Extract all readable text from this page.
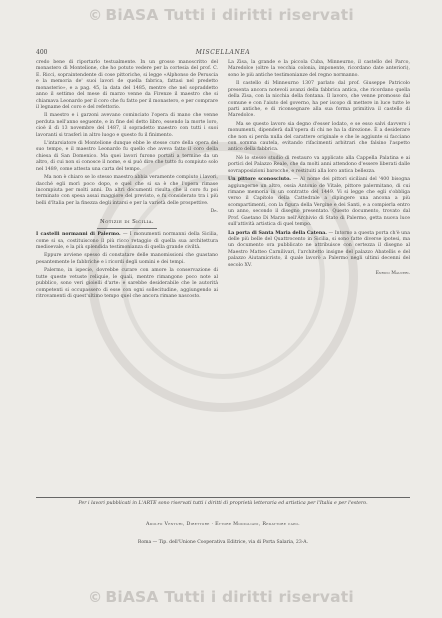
© BiASA Tutti i diritti riservati
400	MISCELLANEA

credo bene di riportarlo testualmente. In un grosso manoscritto del monastero di Montelione, che ho potuto vedere per la cortesia del prof. C. E. Ricci, sopraintendente di cose pittoriche, si legge «Alphonso de Peruscia e la memoria de' suoi lavori de quella fabrica, fattasi nel predetto monasterio», e a pag. 45, la data del 1485, mentre che nel sopraddetto anno il settimo del mese di marzo venne da Firenze il maestro che si chiamava Leonardo per il coro che fu fatto per il monastero, e per comprare il legname del coro e del refettorio.

Il maestro e i garzoni avevano cominciato l'opera di mano che venne perduta nell'anno seguente, e in fine del detto libro, essendo la morte loro, cioè il dì 13 novembre del 1487, il sopradetto maestro con tutti i suoi lavoranti si trasferì in altro luogo e questo fu il finimento.

L'intarsiatore di Montelione dunque ebbe le stesse cure della opera del suo tempo, e il maestro Leonardo fu quello che aveva fatto il coro della chiesa di San Domenico. Ma quei lavori furono portati a termine da un altro, di cui non si conosce il nome, e si può dire che tutto fu compiuto solo nel 1489, come attesta una carta del tempo.

Ma non è chiaro se lo stesso maestro abbia veramente compiuto i lavori, dacché egli morì poco dopo, e quel che si sa è che l'opera rimase incompiuta per molti anni. Da altri documenti risulta che il coro fu poi terminato con spesa assai maggiore del previsto, e fu considerato tra i più belli d'Italia per la finezza degli intarsi e per la varietà delle prospettive.

Dr.
Notizie di Sicilia.

I castelli normanni di Palermo. — I monumenti normanni della Sicilia, come si sa, costituiscono il più ricco retaggio di quella sua architettura medioevale, e la più splendida testimonianza di quella grande civiltà.

Eppure avviene spesso di constatare delle manomissioni che guastano pesantemente le fabbriche e i ricordi degli uomini e dei tempi.

Palermo, in ispecie, dovrebbe curare con amore la conservazione di tutte queste vetuste reliquie, le quali, mentre rimangono poco note al pubblico, sono veri gioielli d'arte: e sarebbe desiderabile che le autorità competenti si occupassero di esse con ogni sollecitudine, aggiungendo ai ritrovamenti di quest'ultimo tempo quel che ancora rimane nascosto.

La Zisa, la grande e la piccola Cuba, Minneurno, il castello del Parco, Maredolce (oltre la vecchia colonia, imponente, ricordano date anteriori), sono le più antiche testimonianze del regno normanno.

Il castello di Minneurno 1307 parlato dal prof. Giuseppe Patricolo presenta ancora notevoli avanzi della fabbrica antica, che ricordano quella della Zisa, con la nicchia della fontana. Il lavoro, che venne promosso dal comune e con l'aiuto del governo, ha per iscopo di mettere in luce tutte le parti antiche, e di riconsegnare alla sua forma primitiva il castello di Maredolce.

Ma se questo lavoro sia degno d'esser lodato, e se esso salvi davvero i monumenti, dipenderà dall'opera di chi ne ha la direzione. È a desiderare che non si perda nulla del carattere originale e che le aggiunte si facciano con somma cautela, evitando rifacimenti arbitrari che falsino l'aspetto antico della fabbrica.

Né lo stesso studio di restauro va applicato alla Cappella Palatina e ai portici del Palazzo Reale, che da molti anni attendono d'essere liberati dalle sovrapposizioni barocche, e restituiti alla loro antica bellezza.

Un pittore sconosciuto. — Al nome dei pittori siciliani del '400 bisogna aggiungerne un altro, ossia Antonio de Vitale, pittore palermitano, di cui rimane memoria in un contratto del 1449. Vi si legge che egli s'obbliga verso il Capitolo della Cattedrale a dipingere una ancona a più scompartimenti, con la figura della Vergine e dei Santi, e a compierla entro un anno, secondo il disegno presentato. Questo documento, trovato dal Prof. Gaetano Di Marzo nell'Archivio di Stato di Palermo, getta nuova luce sull'attività artistica di quel tempo.

La porta di Santa Maria della Catena. — Intorno a questa porta ch'è una delle più belle del Quattrocento in Sicilia, si sono fatte diverse ipotesi, ma un documento ora pubblicato ne attribuisce con certezza il disegno al Maestro Matteo Carnilivari, l'architetto insigne del palazzo Abatellis e del palazzo Aiutamicristo, il quale lavorò a Palermo negli ultimi decenni del secolo XV.

Enrico Mauceri.
Per i lavori pubblicati in L'ARTE sono riservati tutti i diritti di proprietà letteraria ed artistica per l'Italia e per l'estero.
Adolfo Venturi, Direttore · Ettore Modigliani, Redattore capo.
Roma — Tip. dell'Unione Cooperativa Editrice, via di Porta Salaria, 23-A.
© BiASA Tutti i diritti riservati
